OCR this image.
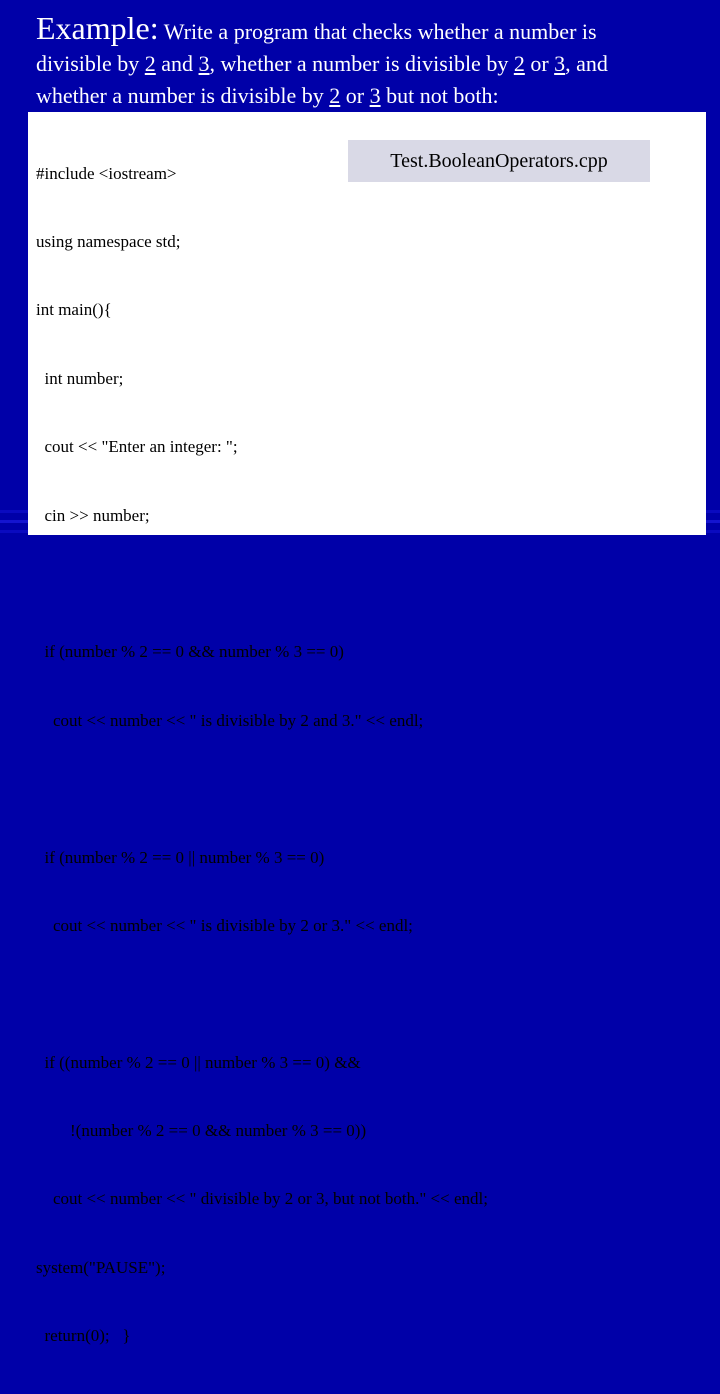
Example: Write a program that checks whether a number is
divisible by 2 and 3, whether a number is divisible by 2 or 3, and
whether a number is divisible by 2 or 3 but not both:

#include <iostream>

using namespace std;

int main(){

int number;

cout << "Enter an integer: ";

cin >> number;

if (number % 2 == 0 && number % 3 == 0)

cout << number << " is divisible by 2 and 3." << endl;

if (number % 2 == 0 || number % 3 == 0)

cout << number << " is divisible by 2 or 3." << endl;

if ((number % 2 == 0 || number % 3 == 0) &&

!(number % 2 == 0 && number % 3 == 0))

cout << number << " divisible by 2 or 3, but not both." << endl;

system("PAUSE");

return(0);   }

Test.BooleanOperators.cpp
